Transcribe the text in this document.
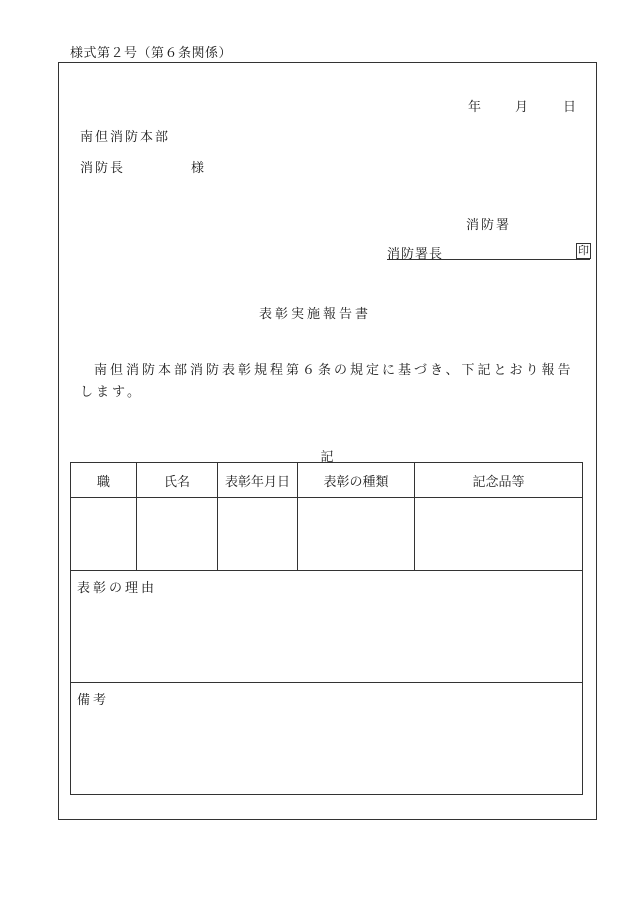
様式第２号（第６条関係）
年	月	日
南但消防本部
消防長	様
消防署
消防署長	印
表彰実施報告書
南但消防本部消防表彰規程第６条の規定に基づき、下記とおり報告します。
記
職	氏名	表彰年月日	表彰の種類	記念品等

表彰の理由				

備考				
